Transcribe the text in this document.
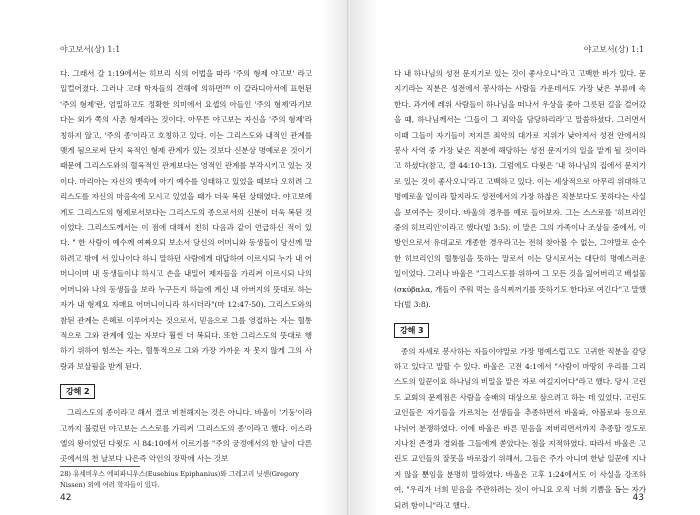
야고보서(상) 1:1

다. 그래서 갈 1:19에서는 히브리 식의 어법을 따라 '주의 형제 야고보' 라고 일컬어졌다. 그러나 고대 학자들의 견해에 의하면²⁸⁾ 이 갈라디아서에 표현된 '주의 형제'란, 엄밀하고도 정확한 의미에서 요셉의 아들인 '주의 형제'라기보다는 외가 쪽의 사촌 형제라는 것이다. 아무튼 야고보는 자신을 '주의 형제'라 칭하지 않고, '주의 종'이라고 호칭하고 있다. 이는 그리스도와 내적인 관계를 맺게 됨으로써 단지 육적인 형제 관계가 있는 것보다 신분상 명예로운 것이기 때문에 그리스도와의 혈육적인 관계보다는 영적인 관계를 부각시키고 있는 것이다. 마리아는 자신의 뱃속에 아기 예수를 잉태하고 있었을 때보다 오히려 그리스도를 자신의 마음속에 모시고 있었을 때가 더욱 복된 상태였다. 야고보에게도 그리스도의 형제로서보다는 그리스도의 종으로서의 신분이 더욱 복된 것이었다. 그리스도께서는 이 점에 대해서 친히 다음과 같이 언급하신 적이 있다. " 한 사람이 예수께 여짜오되 보소서 당신의 어머니와 동생들이 당신께 말하려고 밖에 서 있나이다 하니 말하던 사람에게 대답하여 이르시되 누가 내 어머니이며 내 동생들이냐 하시고 손을 내밀어 제자들을 가리켜 이르시되 나의 어머니와 나의 동생들을 보라 누구든지 하늘에 계신 내 아버지의 뜻대로 하는 자가 내 형제요 자매요 어머니이니라 하시더라"(마 12:47-50). 그리스도와의 참된 관계는 은혜로 이루어지는 것으로서, 믿음으로 그를 영접하는 자는 혈통적으로 그와 관계에 있는 자보다 훨씬 더 복되다. 또한 그리스도의 뜻대로 행하기 위하여 힘쓰는 자는, 혈통적으로 그와 가장 가까운 자 못지 않게 그의 사랑과 보살핌을 받게 된다.

강해 2

그리스도의 종이라고 해서 결코 비천해지는 것은 아니다. 바울이 '기둥'이라고까지 불렀던 야고보는 스스로를 가리켜 '그리스도의 종'이라고 했다. 이스라엘의 왕이었던 다윗도 시 84:10에서 이르기를 "주의 궁정에서의 한 날이 다른 곳에서의 천 날보다 나은즉 악인의 장막에 사는 것보

28) 유세비우스 에피파니우스(Eusebius Epiphanius)와 그레고리 닛센(Gregory Nissen) 외에 여러 학자들이 있다.
42
야고보서(상) 1:1

다 내 하나님의 성전 문지기로 있는 것이 좋사오니"라고 고백한 바가 있다. 문지기라는 직분은 성전에서 봉사하는 사람들 가운데서도 가장 낮은 부류에 속한다. 과거에 레위 사람들이 하나님을 떠나서 우상을 좇아 그릇된 길을 걸어갔을 때, 하나님께서는 '그들이 그 죄악을 담당하리라'고 말씀하셨다. 그러면서 이때 그들이 자기들이 저지른 죄악의 대가로 지위가 낮아져서 성전 안에서의 봉사 사역 중 가장 낮은 직분에 해당하는 성전 문지기의 일을 맡게 될 것이라고 하셨다(참고, 겔 44:10-13). 그럼에도 다윗은 '내 하나님의 집에서 문지기로 있는 것이 좋사오니'라고 고백하고 있다. 이는 세상적으로 아무리 위대하고 명예로울 일이라 할지라도 성전에서의 가장 하찮은 직분보다도 못하다는 사실을 보여주는 것이다. 바울의 경우를 예로 들어보자. 그는 스스로를 '히브리인 중의 히브리인'이라고 했다(빌 3:5). 이 말은 그의 가족이나 조상들 중에서, 이방인으로서 유대교로 개종한 경우라고는 전혀 찾아볼 수 없는, 그야말로 순수한 히브리인의 혈통임을 뜻하는 말로서 이는 당시로서는 대단히 명예스러운 일이었다. 그러나 바울은 "그리스도를 위하여 그 모든 것을 잃어버리고 배설물(σκύβαλα, 개들이 주워 먹는 음식찌꺼기를 뜻하기도 한다)로 여긴다"고 말했다(빌 3:8).

강해 3

종의 자세로 봉사하는 자들이야말로 가장 명예스럽고도 고귀한 직분을 감당하고 있다고 말할 수 있다. 바울은 고전 4:1에서 "사람이 마땅히 우리를 그리스도의 일꾼이요 하나님의 비밀을 맡은 자로 여길지어다"라고 했다. 당시 고린도 교회의 문제점은 사람을 숭배의 대상으로 삼으려고 하는 데 있었다. 고린도 교인들은 자기들을 가르치는 선생들을 추종하면서 바울파, 아볼로파 등으로 나뉘어 분쟁하였다. 이에 바울은 바른 믿음을 저버리면서까지 추종할 정도로 지나친 존경과 경외를 그들에게 쏟았다는 점을 지적하였다. 따라서 바울은 고린도 교인들의 잘못을 바로잡기 위해서, 그들은 주가 아니며 한낱 일꾼에 지나지 않을 뿐임을 분명히 말하였다. 바울은 고후 1:24에서도 이 사실을 강조하여, "우리가 너희 믿음을 주관하려는 것이 아니요 오직 너희 기쁨을 돕는 자가 되려 함이니"라고 했다.

43
